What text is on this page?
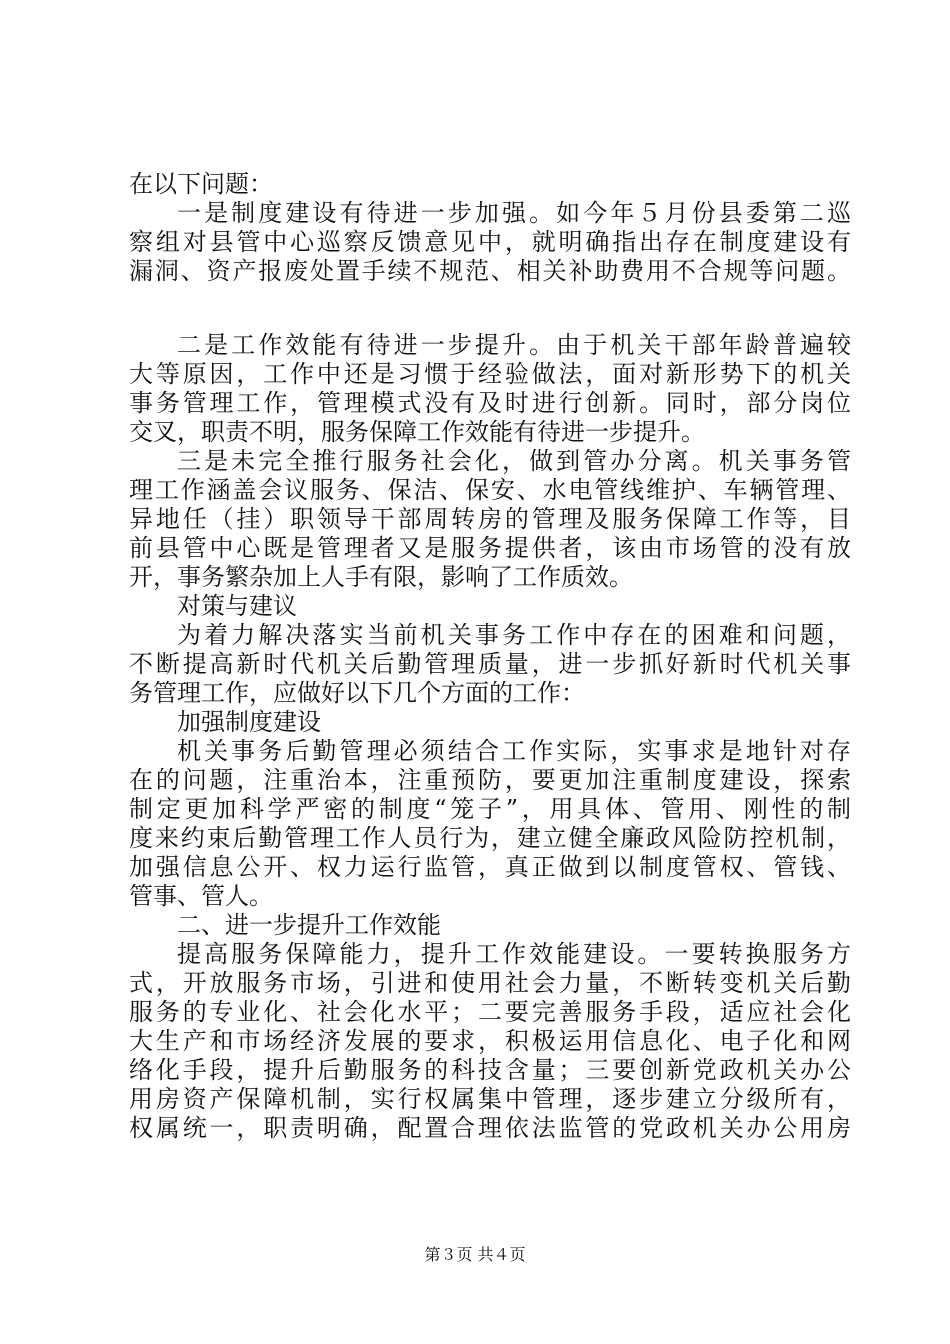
在以下问题：
一是制度建设有待进一步加强。如今年５月份县委第二巡
察组对县管中心巡察反馈意见中，就明确指出存在制度建设有
漏洞、资产报废处置手续不规范、相关补助费用不合规等问题。
二是工作效能有待进一步提升。由于机关干部年龄普遍较
大等原因，工作中还是习惯于经验做法，面对新形势下的机关
事务管理工作，管理模式没有及时进行创新。同时，部分岗位
交叉，职责不明，服务保障工作效能有待进一步提升。
三是未完全推行服务社会化，做到管办分离。机关事务管
理工作涵盖会议服务、保洁、保安、水电管线维护、车辆管理、
异地任（挂）职领导干部周转房的管理及服务保障工作等，目
前县管中心既是管理者又是服务提供者，该由市场管的没有放
开，事务繁杂加上人手有限，影响了工作质效。
对策与建议
为着力解决落实当前机关事务工作中存在的困难和问题，
不断提高新时代机关后勤管理质量，进一步抓好新时代机关事
务管理工作，应做好以下几个方面的工作：
加强制度建设
机关事务后勤管理必须结合工作实际，实事求是地针对存
在的问题，注重治本，注重预防，要更加注重制度建设，探索
制定更加科学严密的制度“笼子”，用具体、管用、刚性的制
度来约束后勤管理工作人员行为，建立健全廉政风险防控机制，
加强信息公开、权力运行监管，真正做到以制度管权、管钱、
管事、管人。
二、进一步提升工作效能
提高服务保障能力，提升工作效能建设。一要转换服务方
式，开放服务市场，引进和使用社会力量，不断转变机关后勤
服务的专业化、社会化水平；二要完善服务手段，适应社会化
大生产和市场经济发展的要求，积极运用信息化、电子化和网
络化手段，提升后勤服务的科技含量；三要创新党政机关办公
用房资产保障机制，实行权属集中管理，逐步建立分级所有，
权属统一，职责明确，配置合理依法监管的党政机关办公用房
第３页 共４页
